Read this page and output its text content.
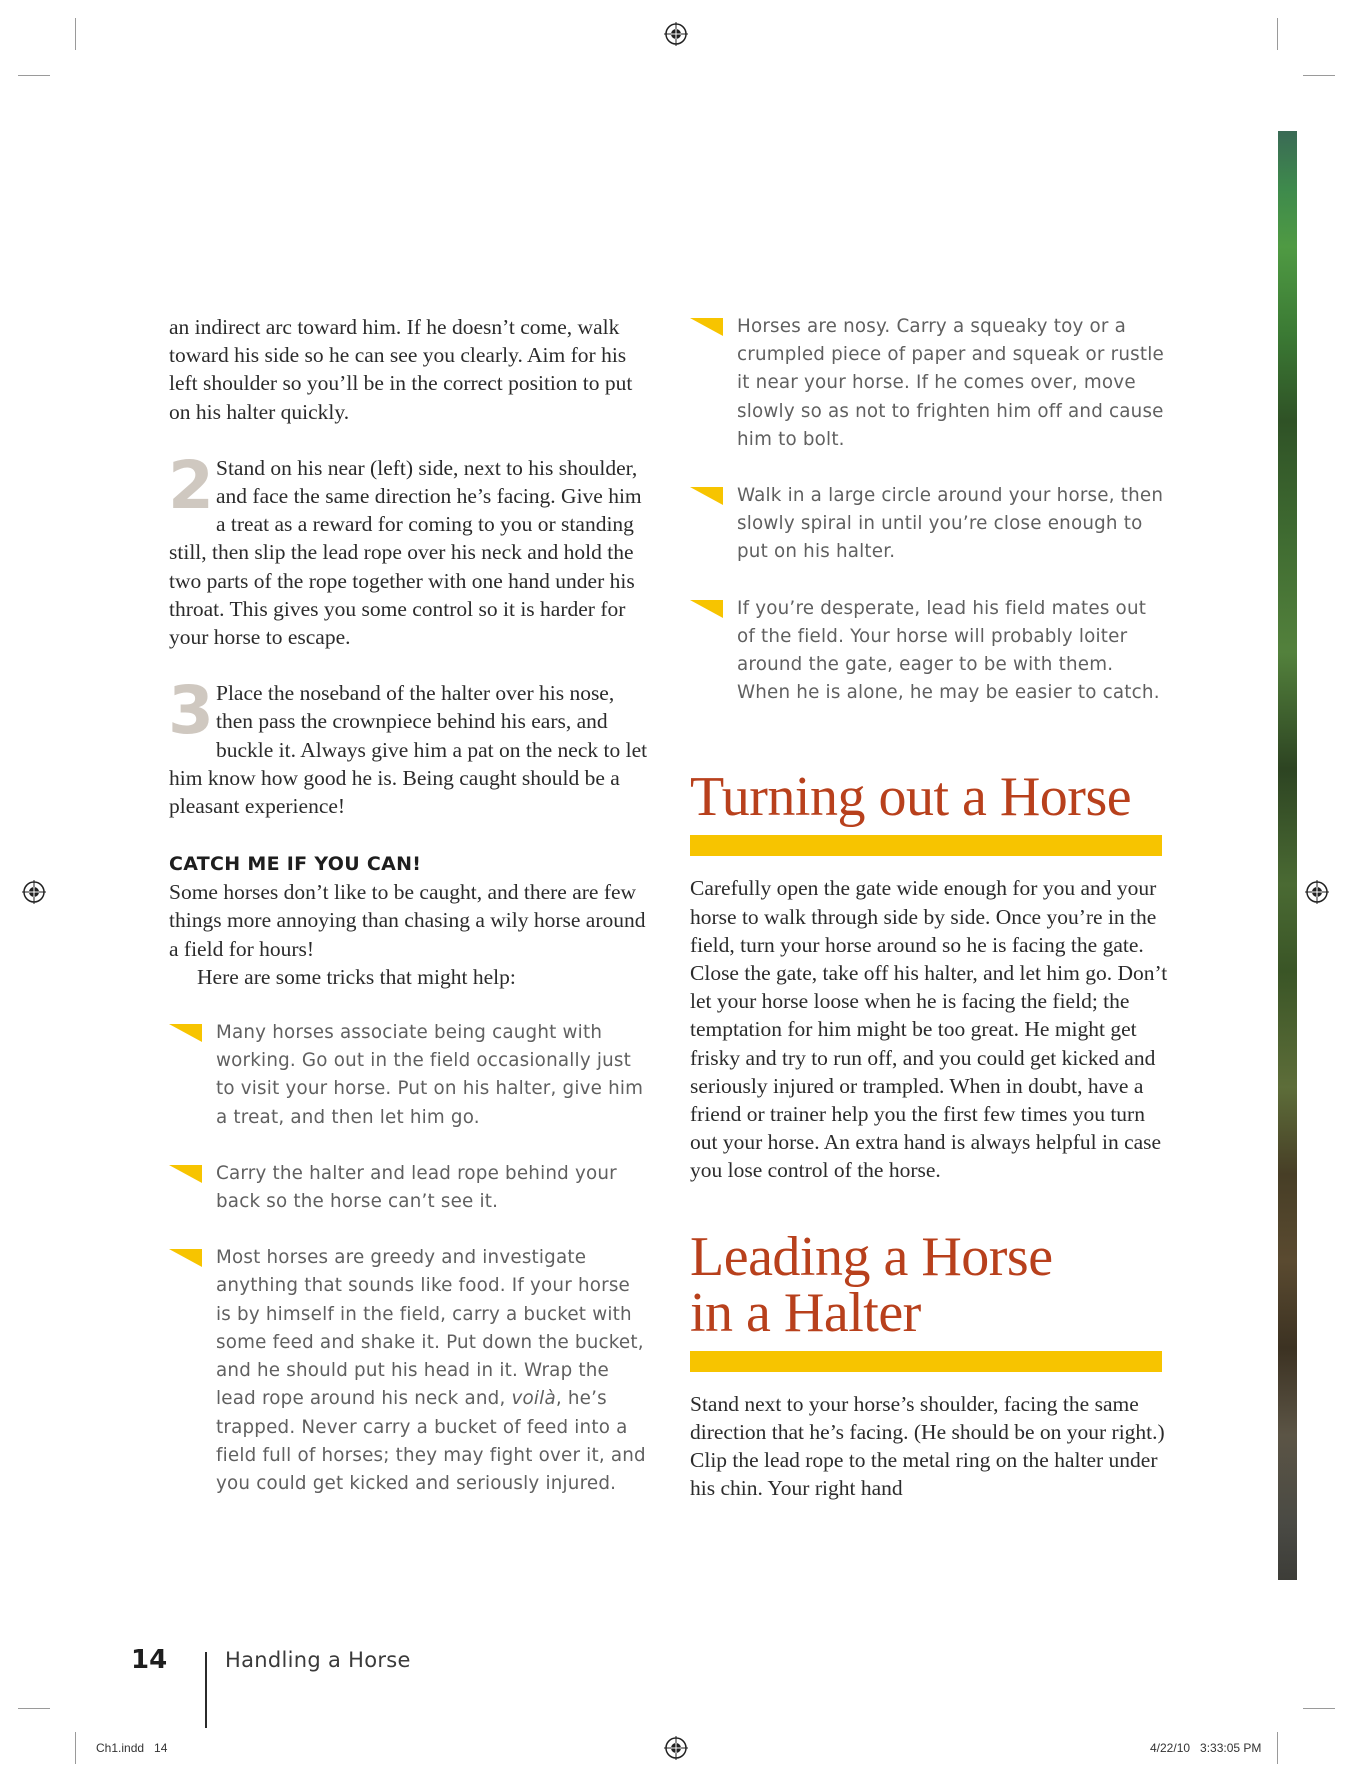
an indirect arc toward him. If he doesn’t come, walk toward his side so he can see you clearly. Aim for his left shoulder so you’ll be in the correct position to put on his halter quickly.

2 Stand on his near (left) side, next to his shoulder, and face the same direction he’s facing. Give him a treat as a reward for coming to you or standing still, then slip the lead rope over his neck and hold the two parts of the rope together with one hand under his throat. This gives you some control so it is harder for your horse to escape.

3 Place the noseband of the halter over his nose, then pass the crownpiece behind his ears, and buckle it. Always give him a pat on the neck to let him know how good he is. Being caught should be a pleasant experience!

CATCH ME IF YOU CAN!

Some horses don’t like to be caught, and there are few things more annoying than chasing a wily horse around a field for hours!

Here are some tricks that might help:

Many horses associate being caught with working. Go out in the field occasionally just to visit your horse. Put on his halter, give him a treat, and then let him go.
Carry the halter and lead rope behind your back so the horse can’t see it.
Most horses are greedy and investigate anything that sounds like food. If your horse is by himself in the field, carry a bucket with some feed and shake it. Put down the bucket, and he should put his head in it. Wrap the lead rope around his neck and, voilà, he’s trapped. Never carry a bucket of feed into a field full of horses; they may fight over it, and you could get kicked and seriously injured.
Horses are nosy. Carry a squeaky toy or a crumpled piece of paper and squeak or rustle it near your horse. If he comes over, move slowly so as not to frighten him off and cause him to bolt.
Walk in a large circle around your horse, then slowly spiral in until you’re close enough to put on his halter.
If you’re desperate, lead his field mates out of the field. Your horse will probably loiter around the gate, eager to be with them. When he is alone, he may be easier to catch.
Turning out a Horse

Carefully open the gate wide enough for you and your horse to walk through side by side. Once you’re in the field, turn your horse around so he is facing the gate. Close the gate, take off his halter, and let him go. Don’t let your horse loose when he is facing the field; the temptation for him might be too great. He might get frisky and try to run off, and you could get kicked and seriously injured or trampled. When in doubt, have a friend or trainer help you the first few times you turn out your horse. An extra hand is always helpful in case you lose control of the horse.

Leading a Horse
in a Halter

Stand next to your horse’s shoulder, facing the same direction that he’s facing. (He should be on your right.) Clip the lead rope to the metal ring on the halter under his chin. Your right hand

14	Handling a Horse
Ch1.indd   14	4/22/10   3:33:05 PM
